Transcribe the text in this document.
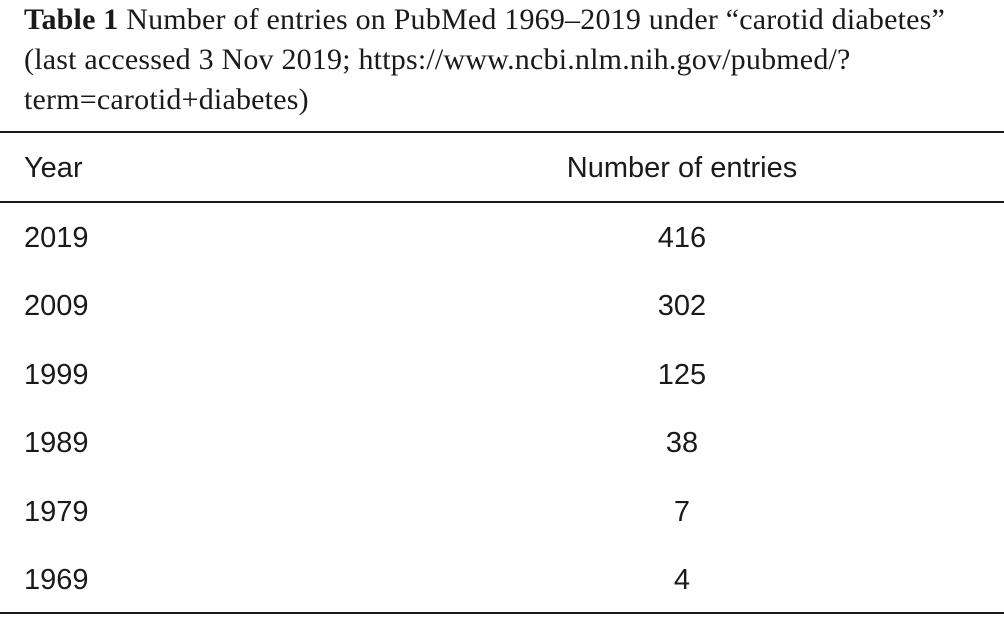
Table 1 Number of entries on PubMed 1969–2019 under “carotid diabetes” (last accessed 3 Nov 2019; https://www.ncbi.nlm.nih.gov/pubmed/?term=carotid+diabetes)
Year	Number of entries
2019	416
2009	302
1999	125
1989	38
1979	7
1969	4
